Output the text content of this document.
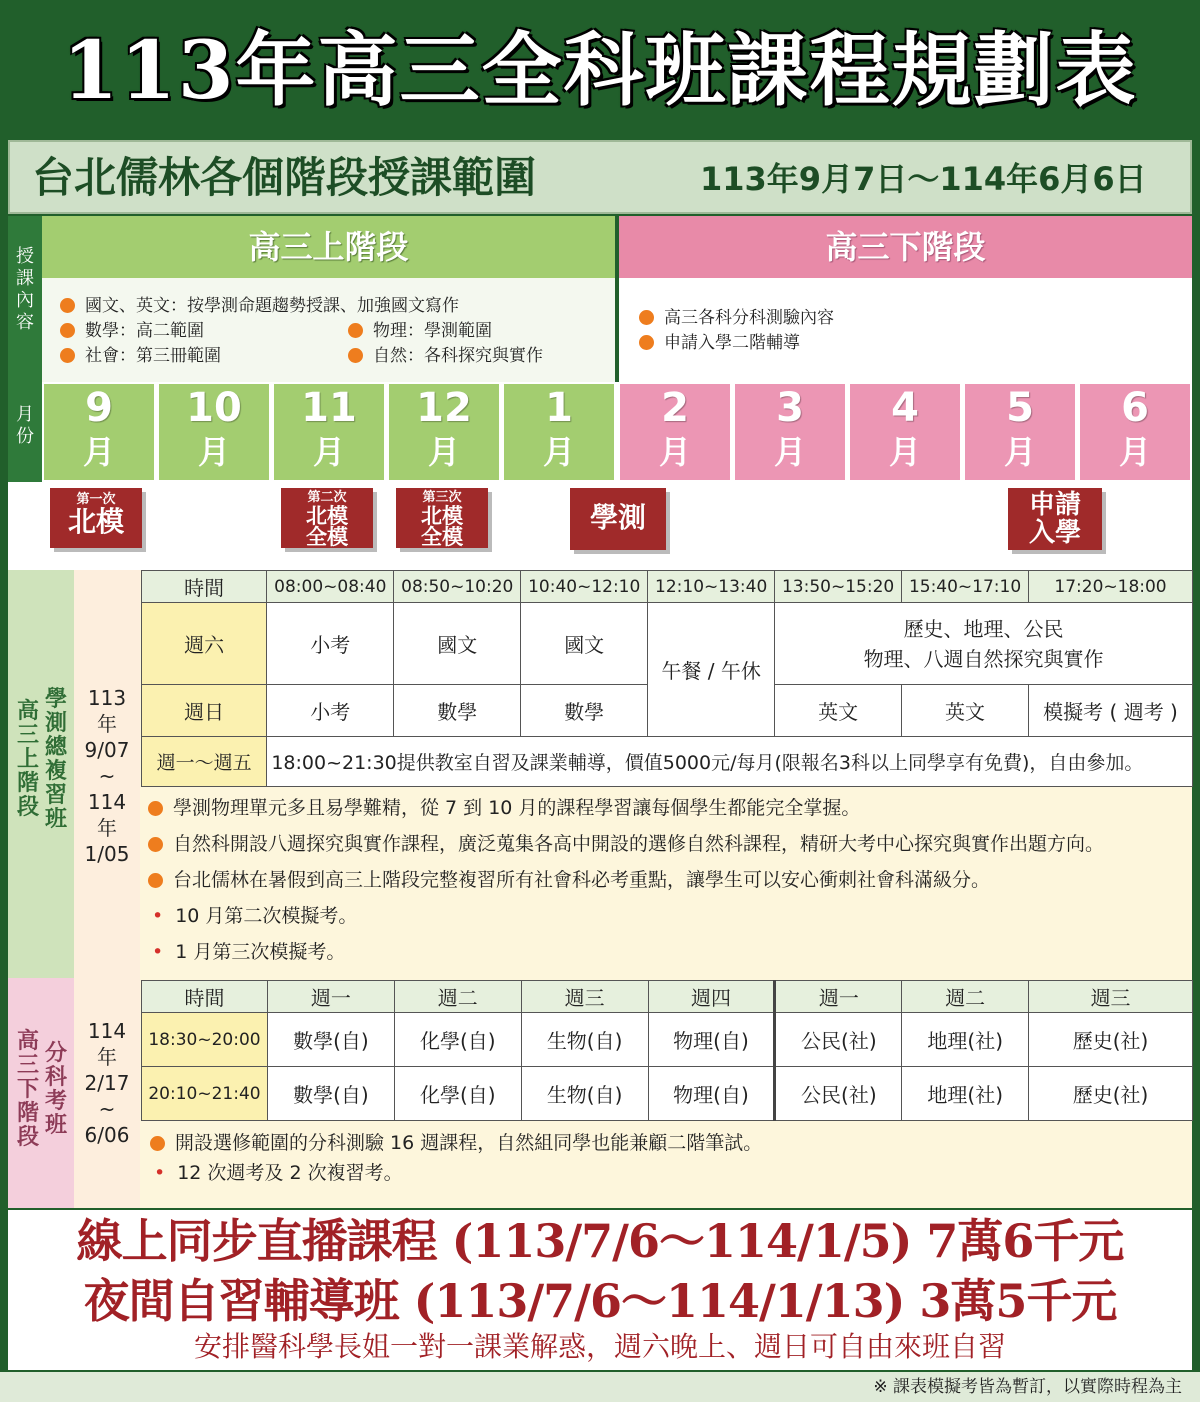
113年高三全科班課程規劃表
台北儒林各個階段授課範圍	113年9月7日～114年6月6日
授課內容
月份
高三上階段	高三下階段
國文、英文：按學測命題趨勢授課、加強國文寫作
數學：高二範圍	物理：學測範圍
社會：第三冊範圍	自然：各科探究與實作
高三各科分科測驗內容
申請入學二階輔導
9
月
10
月
11
月
12
月
1
月
2
月
3
月
4
月
5
月
6
月
第一次
北模
第二次
北模
全模
第三次
北模
全模
學測	申請
入學
高三上階段
學測總複習班
113
年
9/07
~
114
年
1/05
時間	08:00~08:40	08:50~10:20	10:40~12:10	12:10~13:40	13:50~15:20	15:40~17:10	17:20~18:00
週六	小考	國文	國文	午餐 / 午休	歷史、地理、公民
物理、八週自然探究與實作		

週日	小考	數學	數學		英文	英文	模擬考 ( 週考 )
週一～週五	18:00~21:30提供教室自習及課業輔導，價值5000元/每月(限報名3科以上同學享有免費)，自由參加。						
學測物理單元多且易學難精，從 7 到 10 月的課程學習讓每個學生都能完全掌握。
自然科開設八週探究與實作課程，廣泛蒐集各高中開設的選修自然科課程，精研大考中心探究與實作出題方向。
台北儒林在暑假到高三上階段完整複習所有社會科必考重點，讓學生可以安心衝刺社會科滿級分。
• 10 月第二次模擬考。
• 1 月第三次模擬考。
高三下階段
分科考班
114
年
2/17
~
6/06
時間	週一	週二	週三	週四	週一	週二	週三
18:30~20:00	數學(自)	化學(自)	生物(自)	物理(自)	公民(社)	地理(社)	歷史(社)
20:10~21:40	數學(自)	化學(自)	生物(自)	物理(自)	公民(社)	地理(社)	歷史(社)
開設選修範圍的分科測驗 16 週課程，自然組同學也能兼顧二階筆試。
• 12 次週考及 2 次複習考。
線上同步直播課程 (113/7/6～114/1/5) 7萬6千元
夜間自習輔導班 (113/7/6～114/1/13) 3萬5千元
安排醫科學長姐一對一課業解惑，週六晚上、週日可自由來班自習
※ 課表模擬考皆為暫訂，以實際時程為主
